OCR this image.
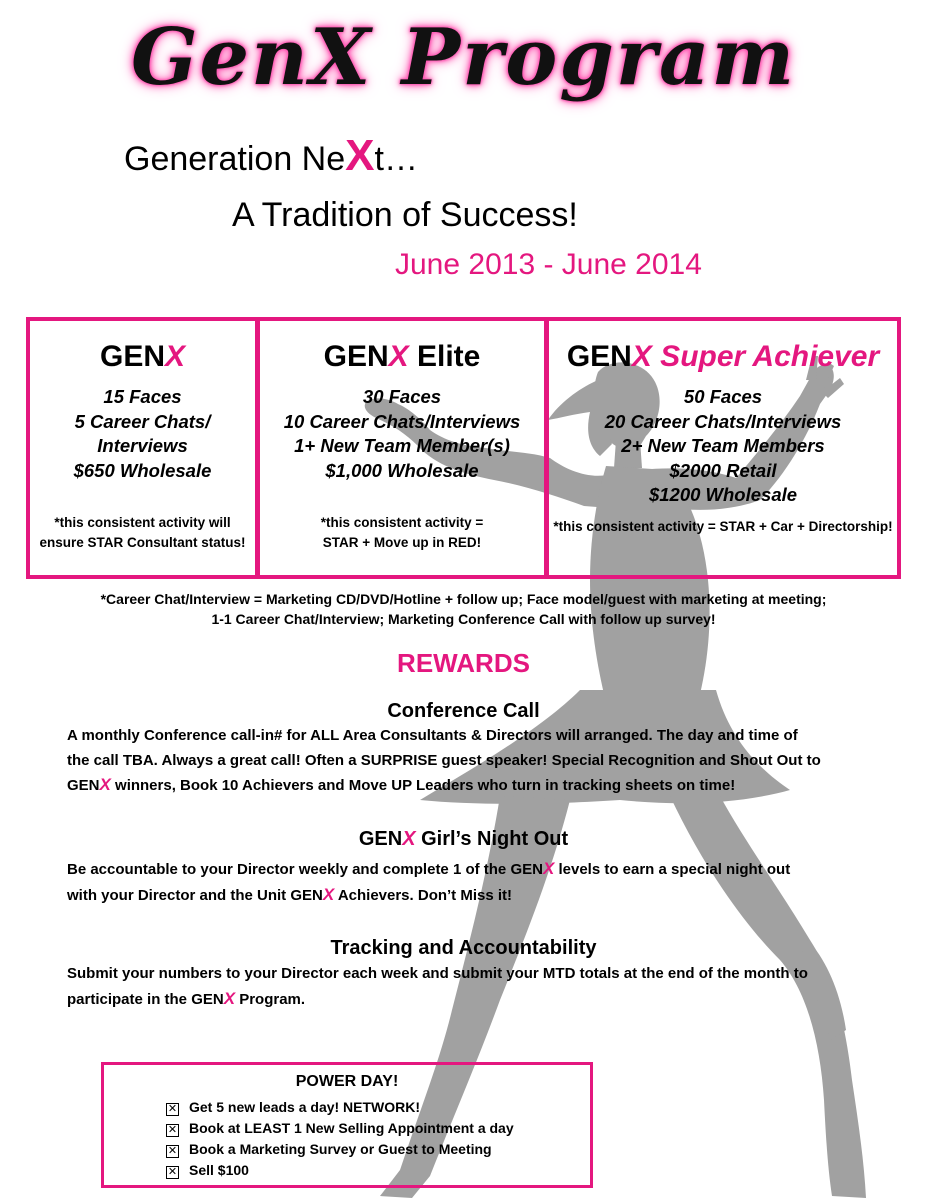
GenX Program
Generation NeXt…
A Tradition of Success!
June 2013 - June 2014
GENX
15 Faces
5 Career Chats/
Interviews
$650 Wholesale
*this consistent activity will
ensure STAR Consultant status!
GENX Elite
30 Faces
10 Career Chats/Interviews
1+ New Team Member(s)
$1,000 Wholesale
*this consistent activity =
STAR + Move up in RED!
GENX Super Achiever
50 Faces
20 Career Chats/Interviews
2+ New Team Members
$2000 Retail
$1200 Wholesale
*this consistent activity = STAR + Car + Directorship!
*Career Chat/Interview = Marketing CD/DVD/Hotline + follow up; Face model/guest with marketing at meeting;
1-1 Career Chat/Interview; Marketing Conference Call with follow up survey!
REWARDS
Conference Call
A monthly Conference call-in# for ALL Area Consultants & Directors will arranged. The day and time of
the call TBA. Always a great call! Often a SURPRISE guest speaker! Special Recognition and Shout Out to
GENX winners, Book 10 Achievers and Move UP Leaders who turn in tracking sheets on time!
GENX Girl’s Night Out
Be accountable to your Director weekly and complete 1 of the GENX levels to earn a special night out
with your Director and the Unit GENX Achievers. Don’t Miss it!
Tracking and Accountability
Submit your numbers to your Director each week and submit your MTD totals at the end of the month to
participate in the GENX Program.
POWER DAY!
✕ Get 5 new leads a day! NETWORK!
✕ Book at LEAST 1 New Selling Appointment a day
✕ Book a Marketing Survey or Guest to Meeting
✕ Sell $100
